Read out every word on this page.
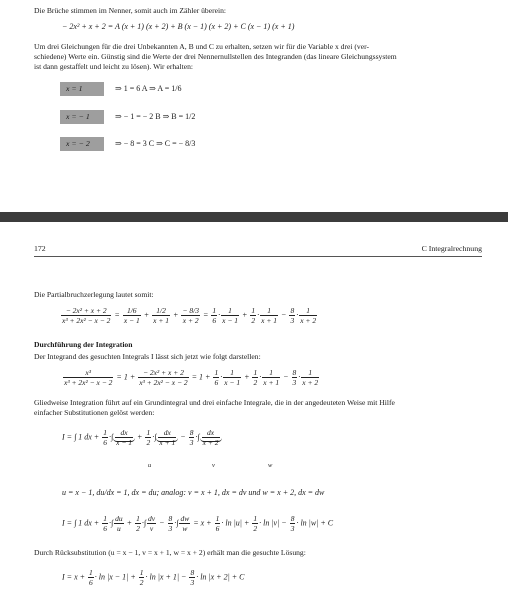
Die Brüche stimmen im Nenner, somit auch im Zähler überein:
− 2x² + x + 2 = A (x + 1) (x + 2) + B (x − 1) (x + 2) + C (x − 1) (x + 1)
Um drei Gleichungen für die drei Unbekannten A, B und C zu erhalten, setzen wir für die Variable x drei (ver-
schiedene) Werte ein. Günstig sind die Werte der drei Nennernullstellen des Integranden (das lineare Gleichungssystem
ist dann gestaffelt und leicht zu lösen). Wir erhalten:
x = 1	⇒ 1 = 6 A ⇒ A = 1/6
x = − 1	⇒ − 1 = − 2 B ⇒ B = 1/2
x = − 2	⇒ − 8 = 3 C ⇒ C = − 8/3
172	C Integralrechnung
Die Partialbruchzerlegung lautet somit:
$\frac{\text{− 2x² + x + 2}}{\text{x³ + 2x² − x − 2}} = \frac{1/6}{x - 1} + \frac{1/2}{x + 1} + \frac{- 8/3}{x + 2} = \frac{1}{6} \cdot \frac{1}{x - 1} + \frac{1}{2} \cdot \frac{1}{x + 1} - \frac{8}{3} \cdot \frac{1}{x + 2}$
Durchführung der Integration
Der Integrand des gesuchten Integrals I lässt sich jetzt wie folgt darstellen:
$\frac{\text{x³}}{\text{x³ + 2x² − x − 2}} = 1 + \frac{\text{− 2x² + x + 2}}{\text{x³ + 2x² − x − 2}} = 1 + \frac{1}{6} \cdot \frac{1}{x - 1} + \frac{1}{2} \cdot \frac{1}{x + 1} - \frac{8}{3} \cdot \frac{1}{x + 2}$
Gliedweise Integration führt auf ein Grundintegral und drei einfache Integrale, die in der angedeuteten Weise mit Hilfe
einfacher Substitutionen gelöst werden:
I = ∫ 1 dx + $\frac{1}{6}$ ·∫ $\frac{dx}{x - 1} + \frac{1}{2}$ ·∫ $\frac{dx}{x + 1} - \frac{8}{3}$ ·∫ $\frac{dx}{x + 2}$
u	v	w
u = x − 1, du/dx = 1, dx = du; analog: v = x + 1, dx = dv und w = x + 2, dx = dw
I = ∫ 1 dx + $\frac{1}{6}$ ·∫ $\frac{du}{u} + \frac{1}{2}$ ·∫ $\frac{dv}{v} - \frac{8}{3}$ ·∫ $\frac{dw}{w} = x + \frac{1}{6} \cdot \ln |u| + \frac{1}{2} \cdot \ln |v| - \frac{8}{3} \cdot \ln |w| + C$
Durch Rücksubstitution (u = x − 1, v = x + 1, w = x + 2) erhält man die gesuchte Lösung:
$I = x + \frac{1}{6} \cdot \ln |x - 1| + \frac{1}{2} \cdot \ln |x + 1| - \frac{8}{3} \cdot \ln |x + 2| + C$
